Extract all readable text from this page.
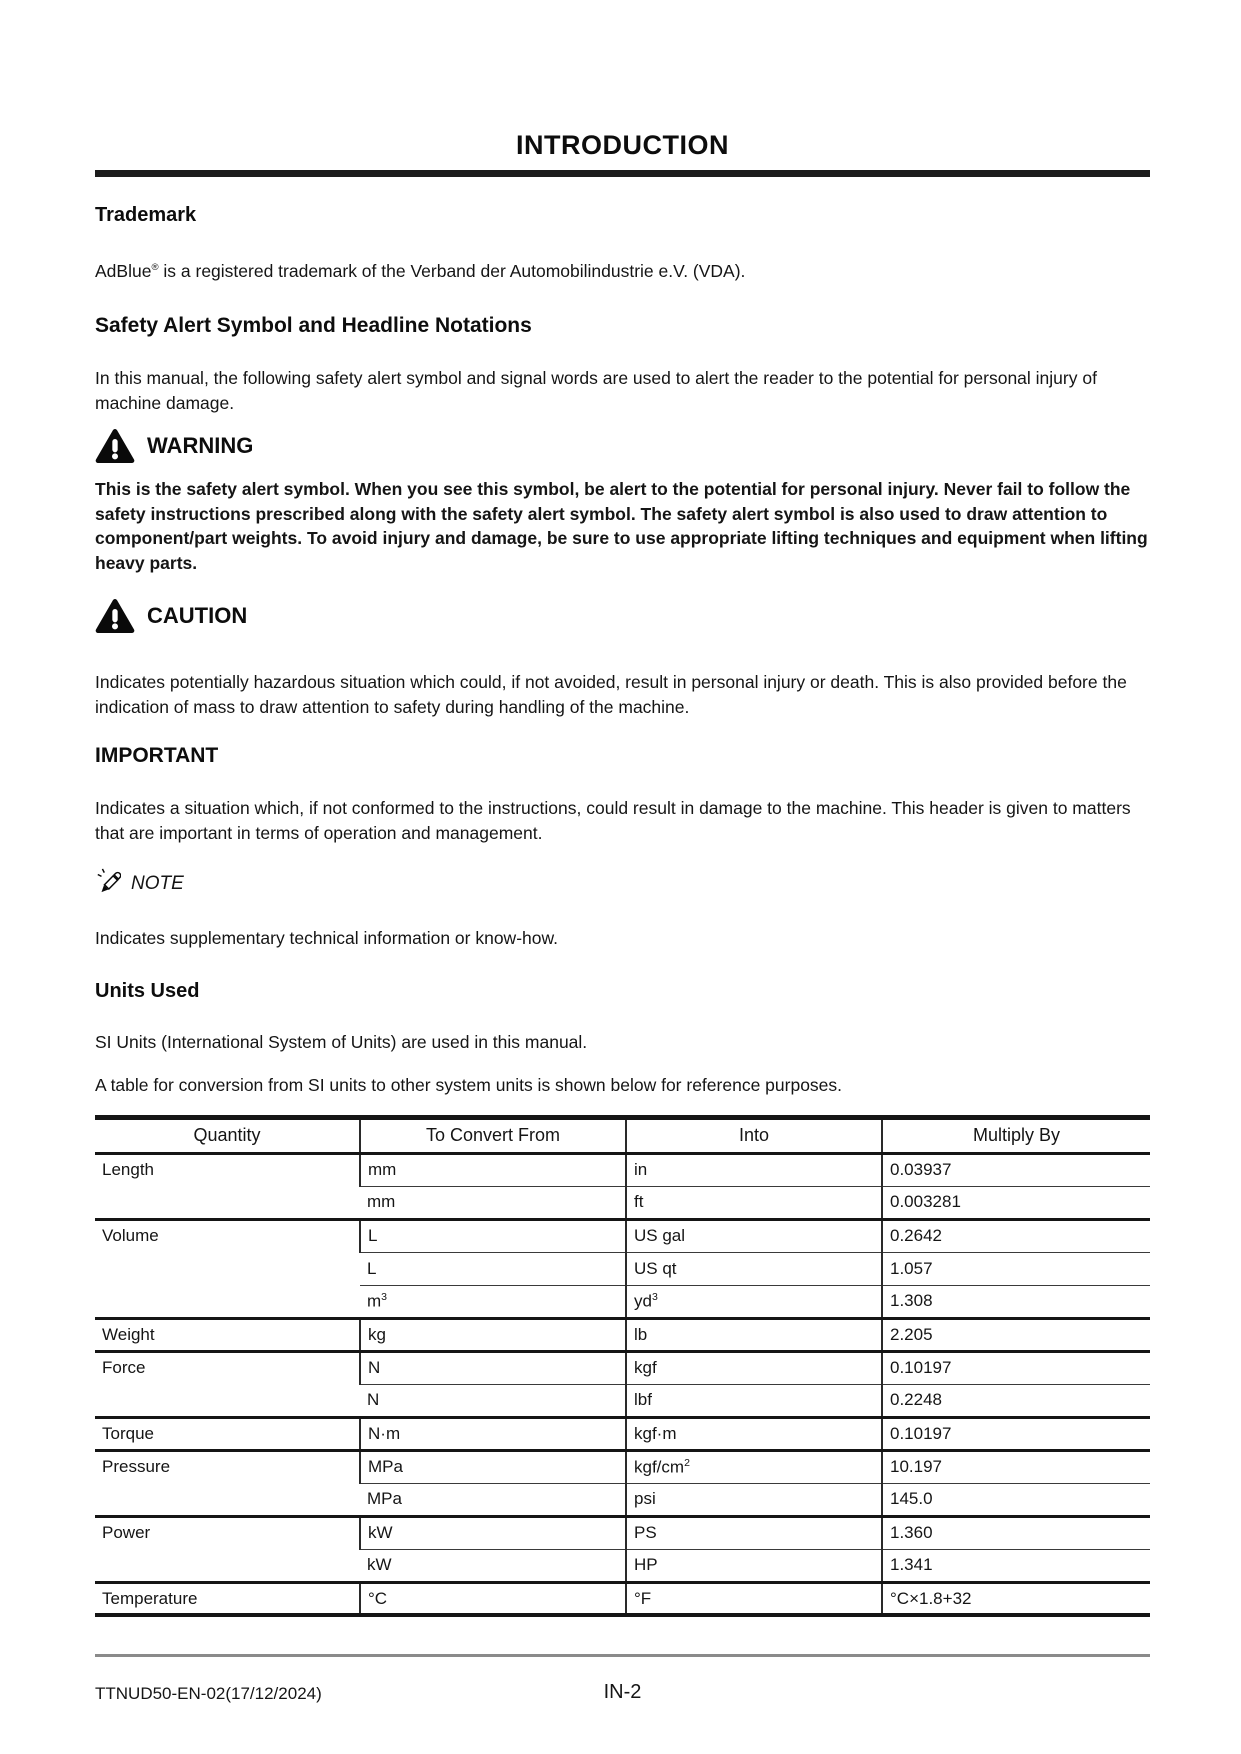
INTRODUCTION
Trademark

AdBlue® is a registered trademark of the Verband der Automobilindustrie e.V. (VDA).

Safety Alert Symbol and Headline Notations

In this manual, the following safety alert symbol and signal words are used to alert the reader to the potential for personal injury of machine damage.

WARNING

This is the safety alert symbol. When you see this symbol, be alert to the potential for personal injury. Never fail to follow the safety instructions prescribed along with the safety alert symbol. The safety alert symbol is also used to draw attention to component/part weights. To avoid injury and damage, be sure to use appropriate lifting techniques and equipment when lifting heavy parts.

CAUTION

Indicates potentially hazardous situation which could, if not avoided, result in personal injury or death. This is also provided before the indication of mass to draw attention to safety during handling of the machine.

IMPORTANT

Indicates a situation which, if not conformed to the instructions, could result in damage to the machine. This header is given to matters that are important in terms of operation and management.

NOTE

Indicates supplementary technical information or know-how.

Units Used

SI Units (International System of Units) are used in this manual.

A table for conversion from SI units to other system units is shown below for reference purposes.

Quantity	To Convert From	Into	Multiply By
Length	mm	in	0.03937
	mm	ft	0.003281
Volume	L	US gal	0.2642
	L	US qt	1.057
	$m^3$	$yd^3$	1.308
Weight	kg	lb	2.205
Force	N	kgf	0.10197
	N	lbf	0.2248
Torque	N·m	kgf·m	0.10197
Pressure	MPa	kgf/$cm^2$	10.197
	MPa	psi	145.0
Power	kW	PS	1.360
	kW	HP	1.341
Temperature	°C	°F	°C×1.8+32
TTNUD50-EN-02(17/12/2024)	IN-2
